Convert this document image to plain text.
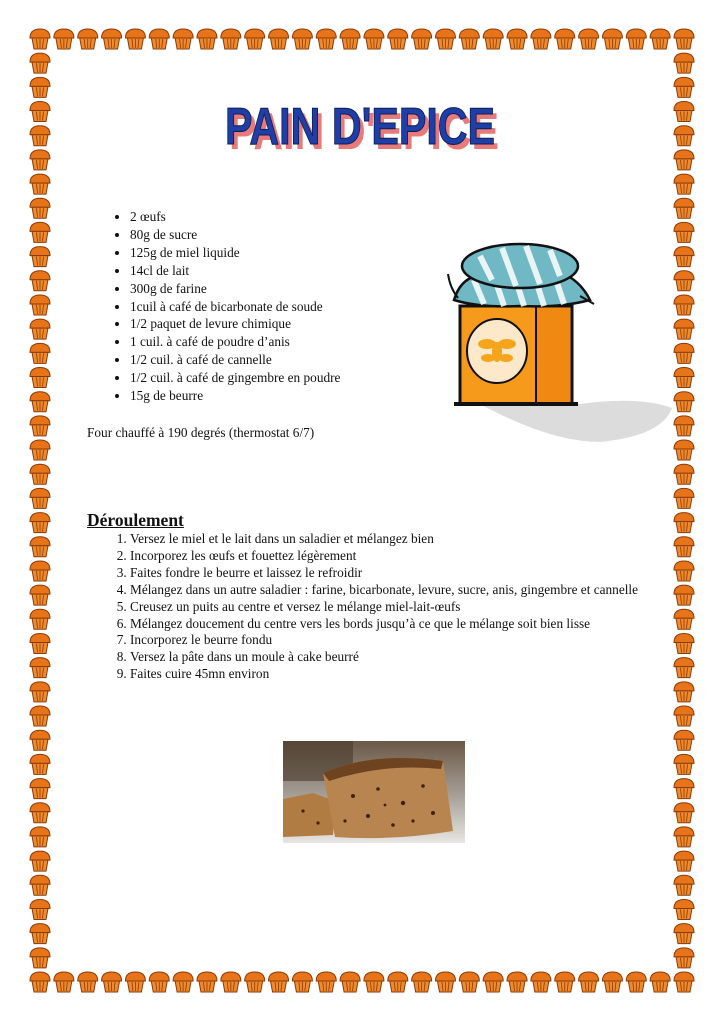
PAIN D'EPICE
PAIN D'EPICE
• 2 œufs
• 80g de sucre
• 125g de miel liquide
• 14cl de lait
• 300g de farine
• 1cuil à café de bicarbonate de soude
• 1/2 paquet de levure chimique
• 1 cuil. à café de poudre d’anis
• 1/2 cuil. à café de cannelle
• 1/2 cuil. à café de gingembre en poudre
• 15g de beurre
Four chauffé à 190 degrés (thermostat 6/7)
Déroulement
1. Versez le miel et le lait dans un saladier et mélangez bien
2. Incorporez les œufs et fouettez légèrement
3. Faites fondre le beurre et laissez le refroidir
4. Mélangez dans un autre saladier : farine, bicarbonate, levure, sucre, anis, gingembre et cannelle
5. Creusez un puits au centre et versez le mélange miel-lait-œufs
6. Mélangez doucement du centre vers les bords jusqu’à ce que le mélange soit bien lisse
7. Incorporez le beurre fondu
8. Versez la pâte dans un moule à cake beurré
9. Faites cuire 45mn environ
